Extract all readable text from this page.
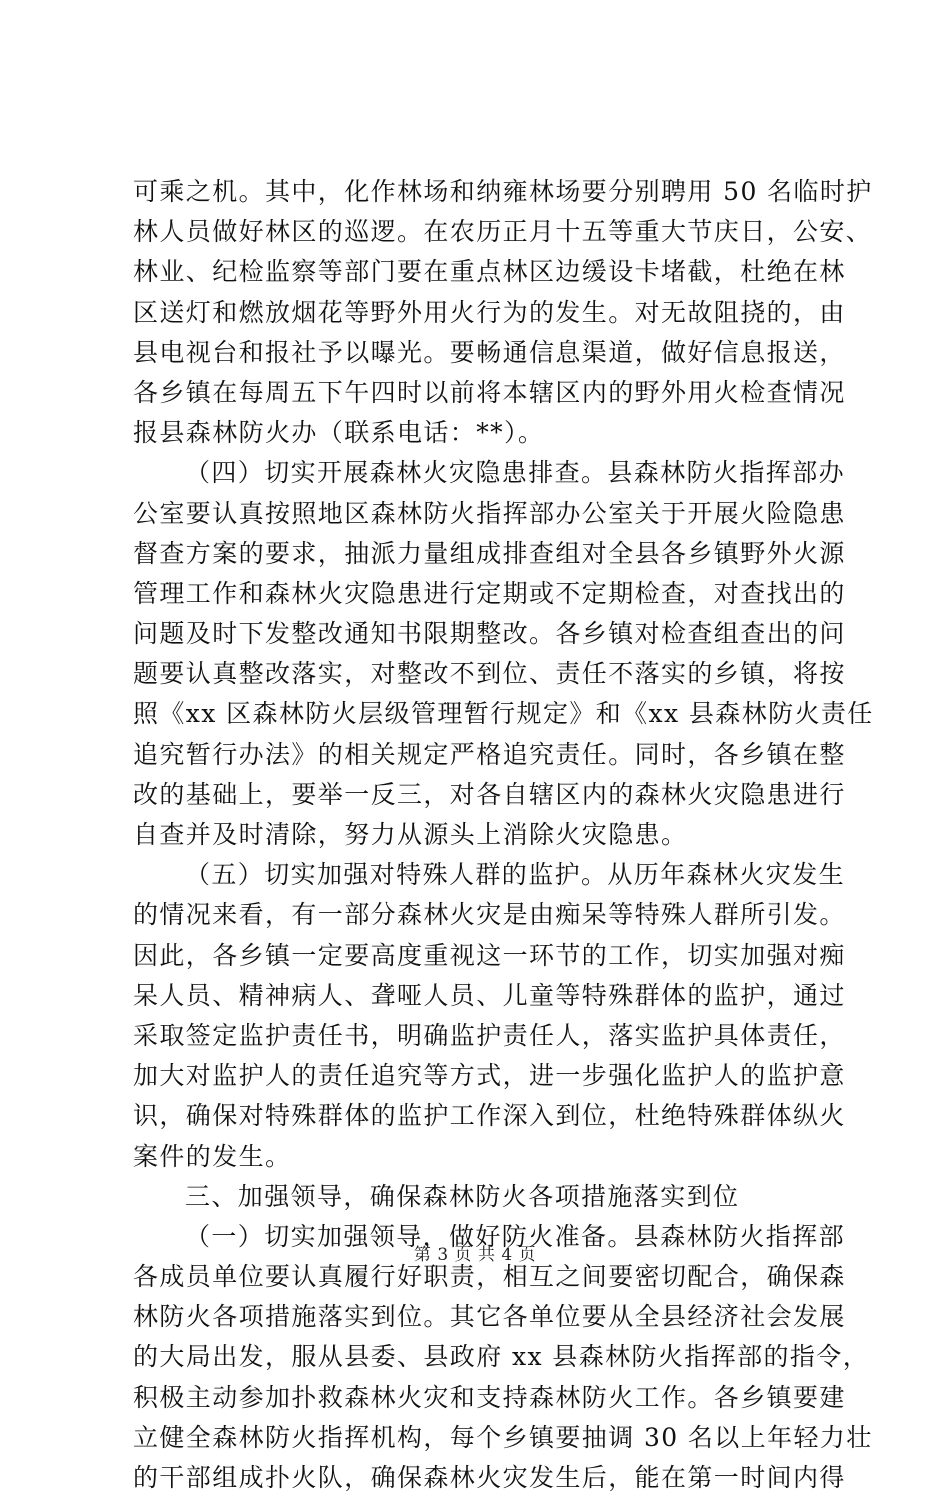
可乘之机。其中，化作林场和纳雍林场要分别聘用 50 名临时护
林人员做好林区的巡逻。在农历正月十五等重大节庆日，公安、
林业、纪检监察等部门要在重点林区边缓设卡堵截，杜绝在林
区送灯和燃放烟花等野外用火行为的发生。对无故阻挠的，由
县电视台和报社予以曝光。要畅通信息渠道，做好信息报送，
各乡镇在每周五下午四时以前将本辖区内的野外用火检查情况
报县森林防火办（联系电话：**）。
（四）切实开展森林火灾隐患排查。县森林防火指挥部办
公室要认真按照地区森林防火指挥部办公室关于开展火险隐患
督查方案的要求，抽派力量组成排查组对全县各乡镇野外火源
管理工作和森林火灾隐患进行定期或不定期检查，对查找出的
问题及时下发整改通知书限期整改。各乡镇对检查组查出的问
题要认真整改落实，对整改不到位、责任不落实的乡镇，将按
照《xx 区森林防火层级管理暂行规定》和《xx 县森林防火责任
追究暂行办法》的相关规定严格追究责任。同时，各乡镇在整
改的基础上，要举一反三，对各自辖区内的森林火灾隐患进行
自查并及时清除，努力从源头上消除火灾隐患。
（五）切实加强对特殊人群的监护。从历年森林火灾发生
的情况来看，有一部分森林火灾是由痴呆等特殊人群所引发。
因此，各乡镇一定要高度重视这一环节的工作，切实加强对痴
呆人员、精神病人、聋哑人员、儿童等特殊群体的监护，通过
采取签定监护责任书，明确监护责任人，落实监护具体责任，
加大对监护人的责任追究等方式，进一步强化监护人的监护意
识，确保对特殊群体的监护工作深入到位，杜绝特殊群体纵火
案件的发生。
三、加强领导，确保森林防火各项措施落实到位
（一）切实加强领导，做好防火准备。县森林防火指挥部
各成员单位要认真履行好职责，相互之间要密切配合，确保森
林防火各项措施落实到位。其它各单位要从全县经济社会发展
的大局出发，服从县委、县政府 xx 县森林防火指挥部的指令，
积极主动参加扑救森林火灾和支持森林防火工作。各乡镇要建
立健全森林防火指挥机构，每个乡镇要抽调 30 名以上年轻力壮
的干部组成扑火队，确保森林火灾发生后，能在第一时间内得
第 3 页 共 4 页
